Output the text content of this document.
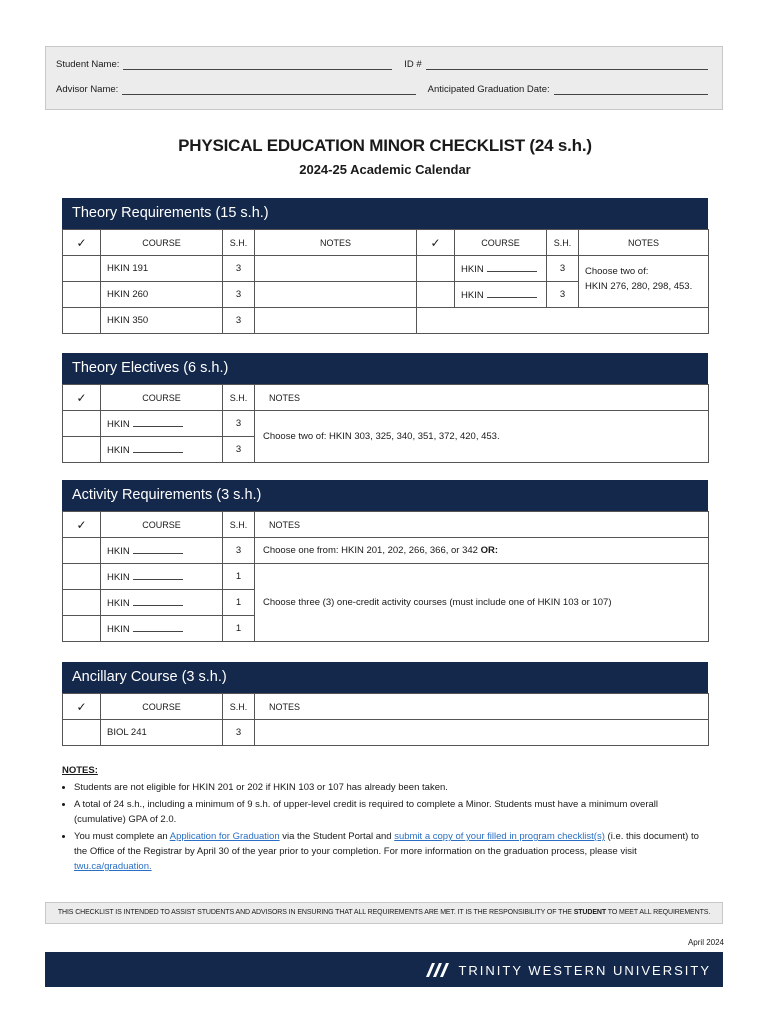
Student Name:	ID #
Advisor Name:	Anticipated Graduation Date:
PHYSICAL EDUCATION MINOR CHECKLIST (24 s.h.)
2024-25 Academic Calendar
Theory Requirements (15 s.h.)
✓	COURSE	S.H.	NOTES	✓	COURSE	S.H.	NOTES
	HKIN 191	3			HKIN	3	Choose two of:
HKIN 276, 280, 298, 453.

	HKIN 260	3			HKIN	3	
	HKIN 350	3					
Theory Electives (6 s.h.)
✓	COURSE	S.H.	NOTES
	HKIN	3	Choose two of: HKIN 303, 325, 340, 351, 372, 420, 453.
	HKIN	3	
Activity Requirements (3 s.h.)
✓	COURSE	S.H.	NOTES
	HKIN	3	Choose one from: HKIN 201, 202, 266, 366, or 342 OR:
	HKIN	1	Choose three (3) one-credit activity courses (must include one of HKIN 103 or 107)
	HKIN	1	
	HKIN	1	
Ancillary Course (3 s.h.)
✓	COURSE	S.H.	NOTES
	BIOL 241	3	
NOTES:
• Students are not eligible for HKIN 201 or 202 if HKIN 103 or 107 has already been taken.
• A total of 24 s.h., including a minimum of 9 s.h. of upper-level credit is required to complete a Minor. Students must have a minimum overall (cumulative) GPA of 2.0.
• You must complete an Application for Graduation via the Student Portal and submit a copy of your filled in program checklist(s) (i.e. this document) to the Office of the Registrar by April 30 of the year prior to your completion. For more information on the graduation process, please visit twu.ca/graduation.
THIS CHECKLIST IS INTENDED TO ASSIST STUDENTS AND ADVISORS IN ENSURING THAT ALL REQUIREMENTS ARE MET. IT IS THE RESPONSIBILITY OF THE STUDENT TO MEET ALL REQUIREMENTS.
April 2024
TRINITY WESTERN UNIVERSITY
